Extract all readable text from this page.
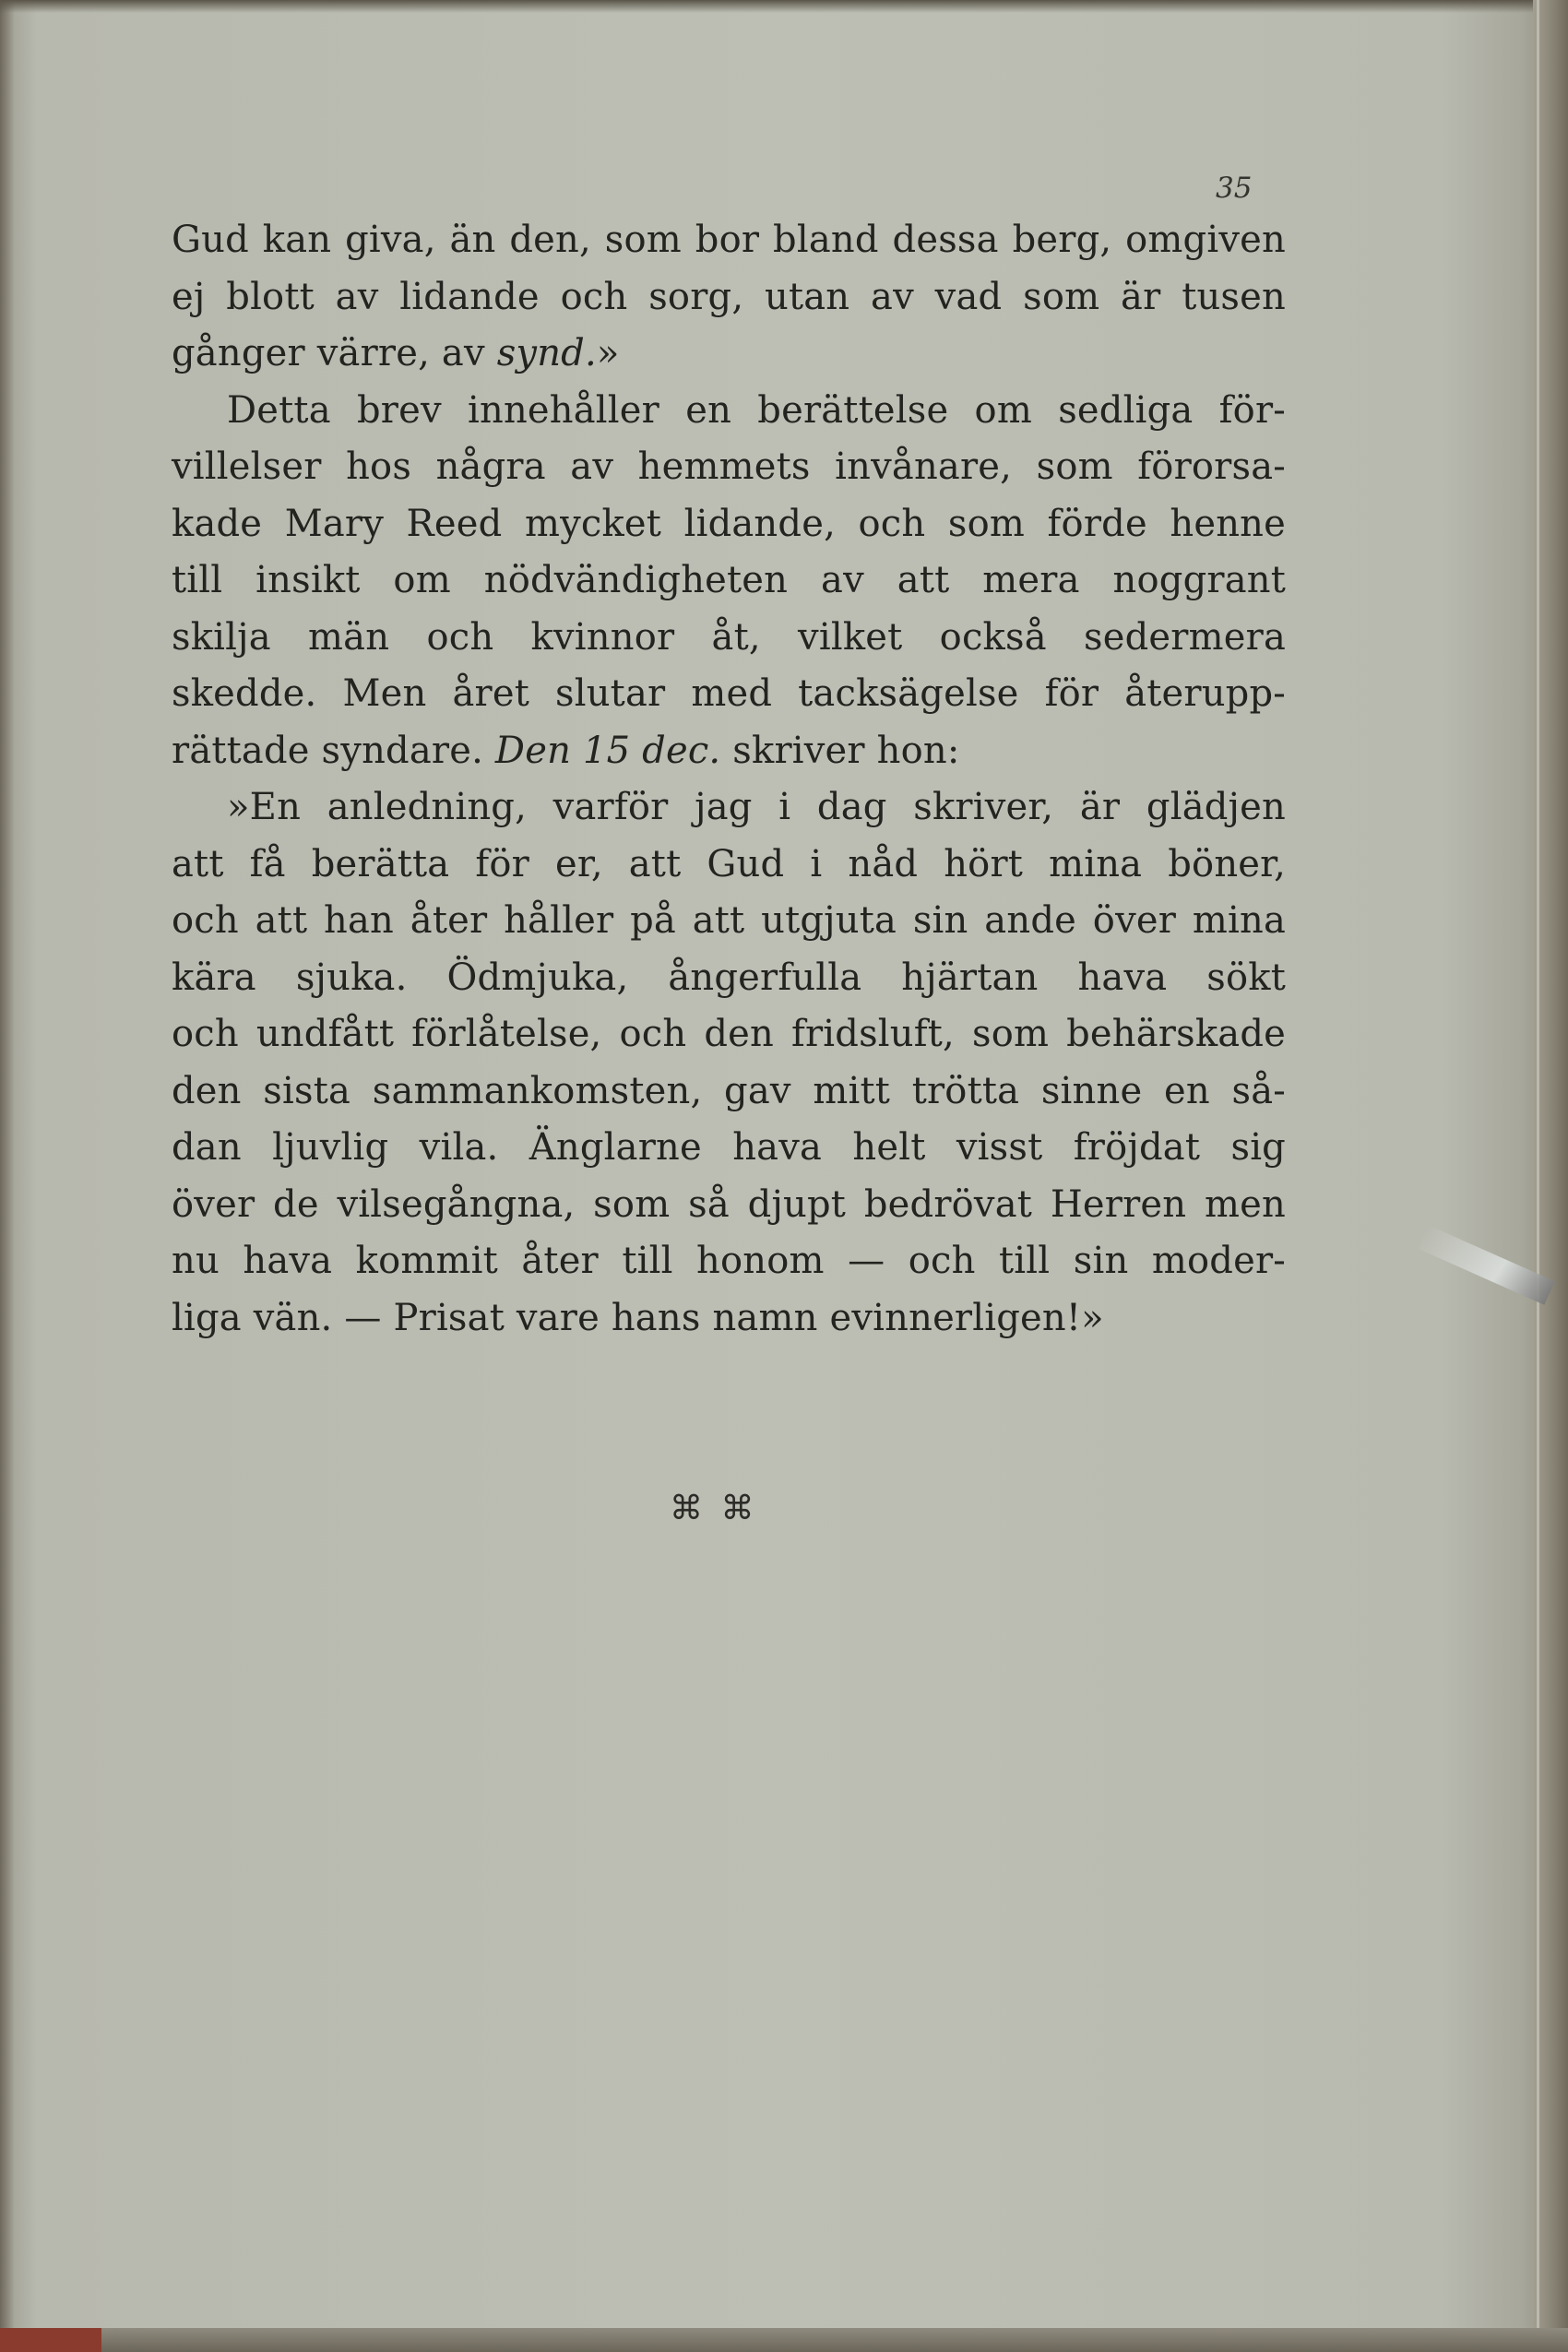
35
Gud kan giva, än den, som bor bland dessa berg, omgiven
ej blott av lidande och sorg, utan av vad som är tusen
gånger värre, av synd.»
Detta brev innehåller en berättelse om sedliga för-
villelser hos några av hemmets invånare, som förorsa-
kade Mary Reed mycket lidande, och som förde henne
till insikt om nödvändigheten av att mera noggrant
skilja män och kvinnor åt, vilket också sedermera
skedde. Men året slutar med tacksägelse för återupp-
rättade syndare. Den 15 dec. skriver hon:
»En anledning, varför jag i dag skriver, är glädjen
att få berätta för er, att Gud i nåd hört mina böner,
och att han åter håller på att utgjuta sin ande över mina
kära sjuka. Ödmjuka, ångerfulla hjärtan hava sökt
och undfått förlåtelse, och den fridsluft, som behärskade
den sista sammankomsten, gav mitt trötta sinne en så-
dan ljuvlig vila. Änglarne hava helt visst fröjdat sig
över de vilsegångna, som så djupt bedrövat Herren men
nu hava kommit åter till honom — och till sin moder-
liga vän. — Prisat vare hans namn evinnerligen!»
⌘ ⌘
